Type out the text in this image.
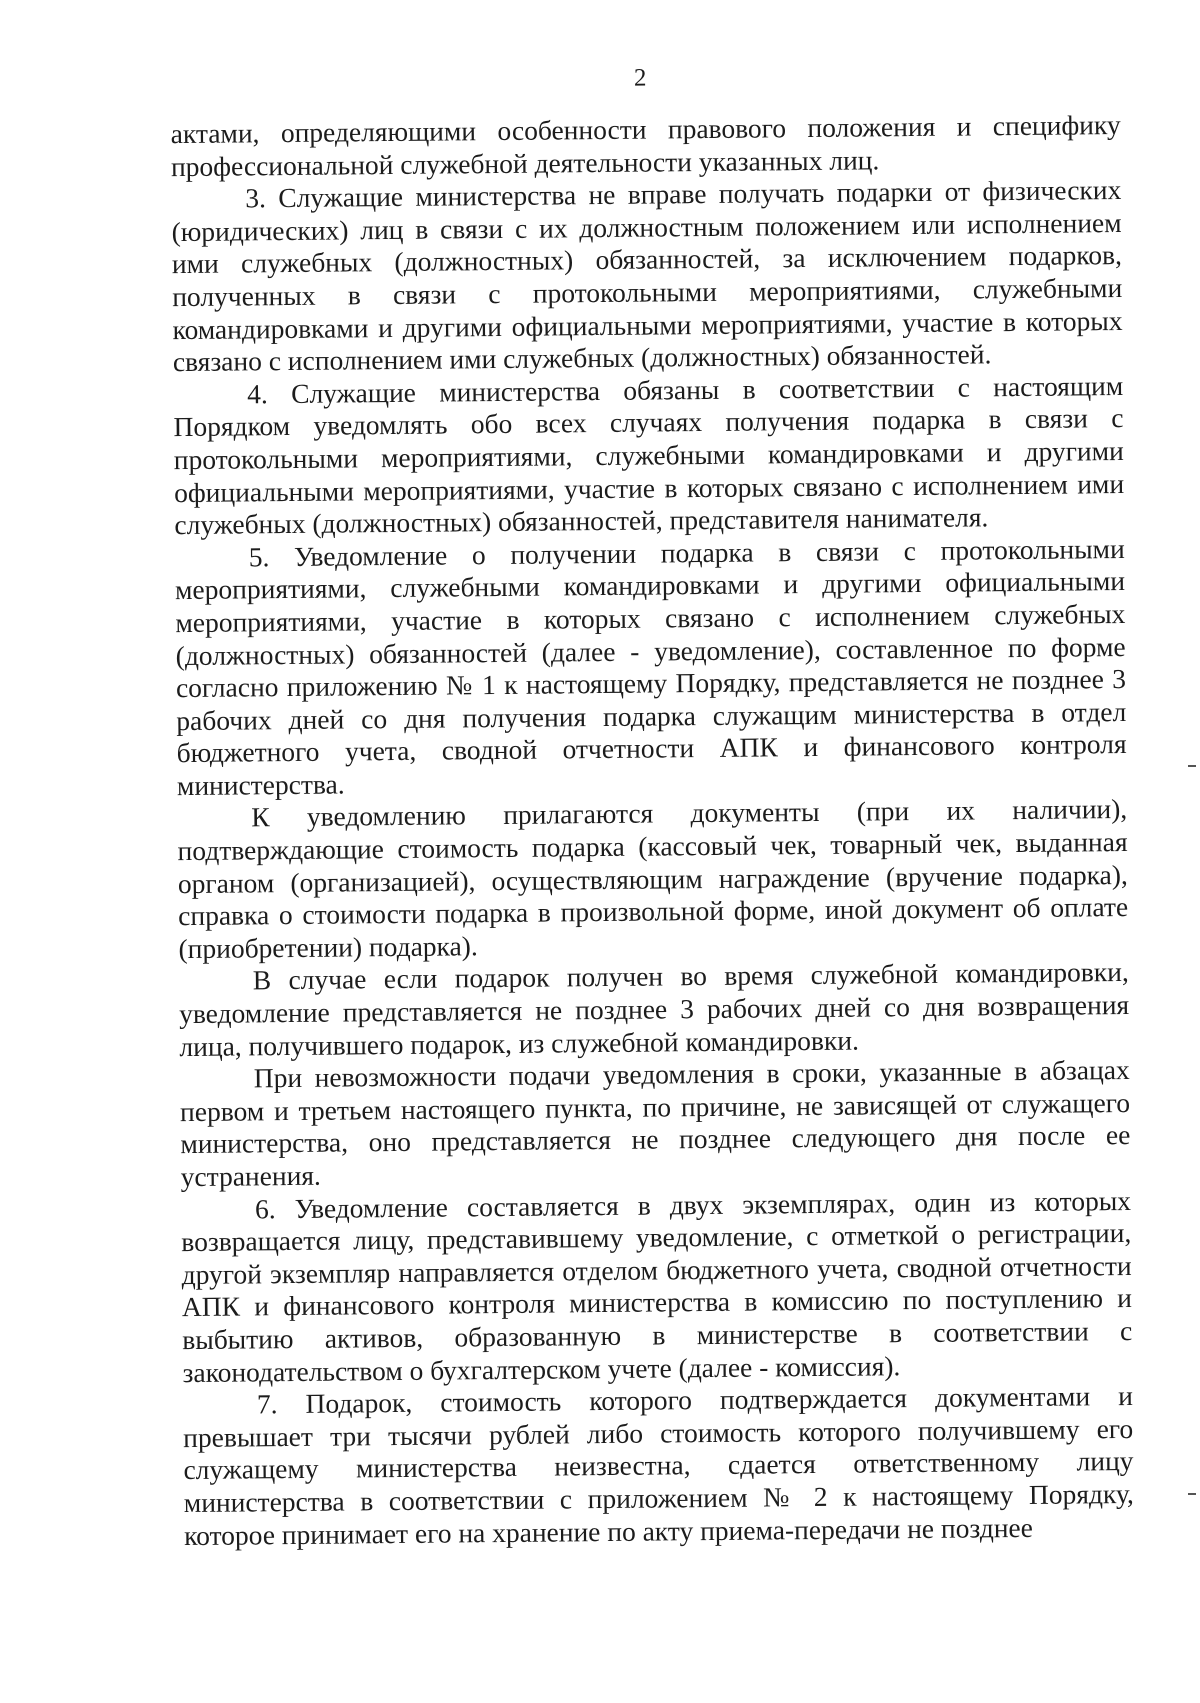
2

актами, определяющими особенности правового положения и специфику профессиональной служебной деятельности указанных лиц.

3. Служащие министерства не вправе получать подарки от физических (юридических) лиц в связи с их должностным положением или исполнением ими служебных (должностных) обязанностей, за исключением подарков, полученных в связи с протокольными мероприятиями, служебными командировками и другими официальными мероприятиями, участие в которых связано с исполнением ими служебных (должностных) обязанностей.

4. Служащие министерства обязаны в соответствии с настоящим Порядком уведомлять обо всех случаях получения подарка в связи с протокольными мероприятиями, служебными командировками и другими официальными мероприятиями, участие в которых связано с исполнением ими служебных (должностных) обязанностей, представителя нанимателя.

5. Уведомление о получении подарка в связи с протокольными мероприятиями, служебными командировками и другими официальными мероприятиями, участие в которых связано с исполнением служебных (должностных) обязанностей (далее - уведомление), составленное по форме согласно приложению № 1 к настоящему Порядку, представляется не позднее 3 рабочих дней со дня получения подарка служащим министерства в отдел бюджетного учета, сводной отчетности АПК и финансового контроля министерства.

К уведомлению прилагаются документы (при их наличии), подтверждающие стоимость подарка (кассовый чек, товарный чек, выданная органом (организацией), осуществляющим награждение (вручение подарка), справка о стоимости подарка в произвольной форме, иной документ об оплате (приобретении) подарка).

В случае если подарок получен во время служебной командировки, уведомление представляется не позднее 3 рабочих дней со дня возвращения лица, получившего подарок, из служебной командировки.

При невозможности подачи уведомления в сроки, указанные в абзацах первом и третьем настоящего пункта, по причине, не зависящей от служащего министерства, оно представляется не позднее следующего дня после ее устранения.

6. Уведомление составляется в двух экземплярах, один из которых возвращается лицу, представившему уведомление, с отметкой о регистрации, другой экземпляр направляется отделом бюджетного учета, сводной отчетности АПК и финансового контроля министерства в комиссию по поступлению и выбытию активов, образованную в министерстве в соответствии с законодательством о бухгалтерском учете (далее - комиссия).

7. Подарок, стоимость которого подтверждается документами и превышает три тысячи рублей либо стоимость которого получившему его служащему министерства неизвестна, сдается ответственному лицу министерства в соответствии с приложением № 2 к настоящему Порядку, которое принимает его на хранение по акту приема-передачи не позднее
